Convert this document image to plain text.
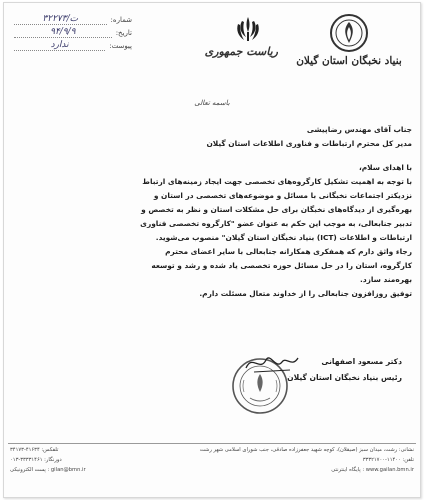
بنیاد نخبگان استان گیلان
ریاست جمهوری
شماره:
۳۲۲۷۳/ت
تاریخ:
۹۴/۹/۹
پیوست:
ندارد
باسمه تعالی

جناب آقای مهندس رضاپیشی

مدیر کل محترم ارتباطات و فناوری اطلاعات استان گیلان

با اهدای سلام،

با توجه به اهمیت تشکیل کارگروه‌های تخصصی جهت ایجاد زمینه‌های ارتباط

نزدیکتر اجتماعات نخبگانی با مسائل و موضوعه‌های تخصصی در استان و

بهره‌گیری از دیدگاه‌های نخبگان برای حل مشکلات استان و نظر به تخصص و

تدبیر جنابعالی، به موجب این حکم به عنوان عضو "کارگروه تخصصی فناوری

ارتباطات و اطلاعات (ICT) بنیاد نخبگان استان گیلان" منصوب می‌شوید.

رجاء واثق دارم که همفکری همکارانه جنابعالی با سایر اعضای محترم

کارگروه، استان را در حل مسائل حوزه تخصصی یاد شده و رشد و توسعه

بهره‌مند سازد.

توفیق روزافزون جنابعالی را از خداوند متعال مسئلت دارم.

دکتر مسعود اصفهانی
رئیس بنیاد نخبگان استان گیلان
نشانی: رشت، میدان سبز (صیقلان)، کوچه شهید جعفرزاده صادقی، جنب شورای اسلامی شهر رشت
تلفکس: ۴۱۶۳۴-۳۴۱۷۳
تلفن: ۱۱۴۰۰-۳۳۳۲۱۷۰۰
دورنگار: ۳۳۳۳۱۴۶۱-۰۱۳
www.gailan.bmn.ir : پایگاه اینترنتی
gilan@bmn.ir : پست الکترونیکی
